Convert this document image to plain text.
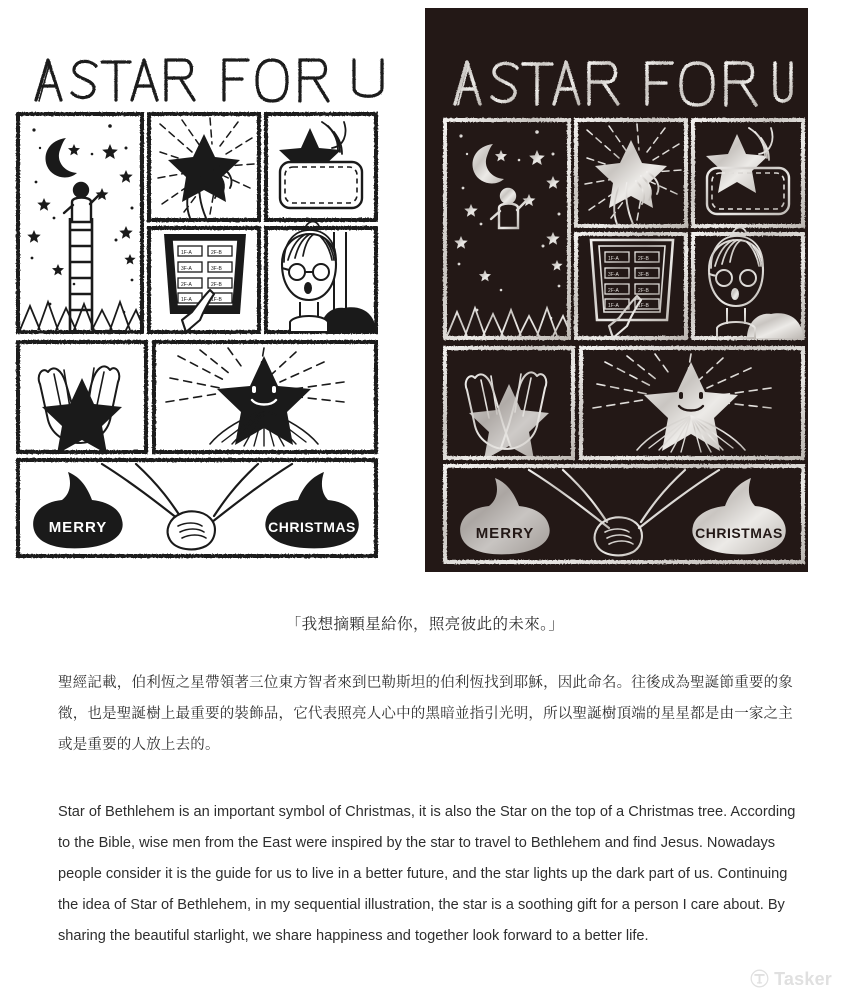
1F-A	2F-B
3F-A	3F-B
2F-A	2F-B
1F-A	1F-B
MERRY	CHRISTMAS
1F-A	2F-B
3F-A	3F-B
2F-A	2F-B
1F-A	1F-B
MERRY	CHRISTMAS
「我想摘顆星給你，照亮彼此的未來。」

聖經記載，伯利恆之星帶領著三位東方智者來到巴勒斯坦的伯利恆找到耶穌，因此命名。往後成為聖誕節重要的象徵，也是聖誕樹上最重要的裝飾品，它代表照亮人心中的黑暗並指引光明，所以聖誕樹頂端的星星都是由一家之主或是重要的人放上去的。

Star of Bethlehem is an important symbol of Christmas, it is also the Star on the top of a Christmas tree. According to the Bible, wise men from the East were inspired by the star to travel to Bethlehem and find Jesus. Nowadays people consider it is the guide for us to live in a better future, and the star lights up the dark part of us. Continuing the idea of Star of Bethlehem, in my sequential illustration, the star is a soothing gift for a person I care about. By sharing the beautiful starlight, we share happiness and together look forward to a better life.

Tasker
